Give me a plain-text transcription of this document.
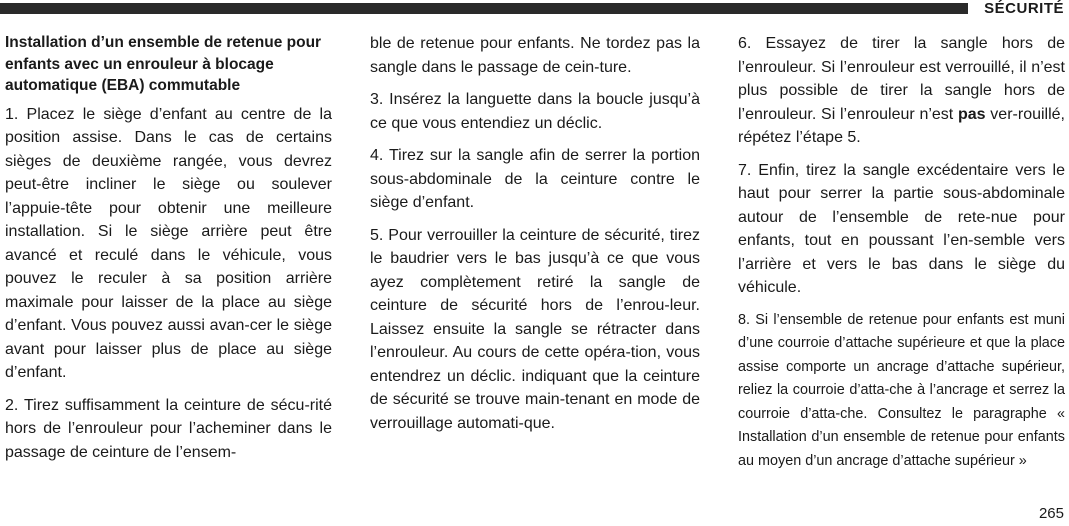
SÉCURITÉ
Installation d’un ensemble de retenue pour enfants avec un enrouleur à blocage automatique (EBA) commutable

1. Placez le siège d’enfant au centre de la position assise. Dans le cas de certains sièges de deuxième rangée, vous devrez peut-être incliner le siège ou soulever l’appuie-tête pour obtenir une meilleure installation. Si le siège arrière peut être avancé et reculé dans le véhicule, vous pouvez le reculer à sa position arrière maximale pour laisser de la place au siège d’enfant. Vous pouvez aussi avan-cer le siège avant pour laisser plus de place au siège d’enfant.

2. Tirez suffisamment la ceinture de sécu-rité hors de l’enrouleur pour l’acheminer dans le passage de ceinture de l’ensem-

ble de retenue pour enfants. Ne tordez pas la sangle dans le passage de cein-ture.

3. Insérez la languette dans la boucle jusqu’à ce que vous entendiez un déclic.

4. Tirez sur la sangle afin de serrer la portion sous-abdominale de la ceinture contre le siège d’enfant.

5. Pour verrouiller la ceinture de sécurité, tirez le baudrier vers le bas jusqu’à ce que vous ayez complètement retiré la sangle de ceinture de sécurité hors de l’enrou-leur. Laissez ensuite la sangle se rétracter dans l’enrouleur. Au cours de cette opéra-tion, vous entendrez un déclic. indiquant que la ceinture de sécurité se trouve main-tenant en mode de verrouillage automati-que.

6. Essayez de tirer la sangle hors de l’enrouleur. Si l’enrouleur est verrouillé, il n’est plus possible de tirer la sangle hors de l’enrouleur. Si l’enrouleur n’est pas ver-rouillé, répétez l’étape 5.

7. Enfin, tirez la sangle excédentaire vers le haut pour serrer la partie sous-abdominale autour de l’ensemble de rete-nue pour enfants, tout en poussant l’en-semble vers l’arrière et vers le bas dans le siège du véhicule.

8. Si l’ensemble de retenue pour enfants est muni d’une courroie d’attache supérieure et que la place assise comporte un ancrage d’attache supérieur, reliez la courroie d’atta-che à l’ancrage et serrez la courroie d’atta-che. Consultez le paragraphe « Installation d’un ensemble de retenue pour enfants au moyen d’un ancrage d’attache supérieur »

265
